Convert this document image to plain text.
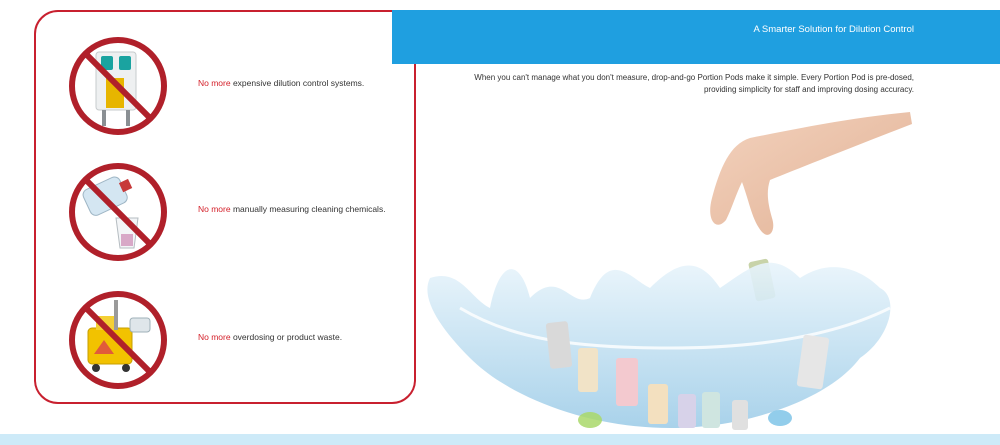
No more expensive dilution control systems.
No more manually measuring cleaning chemicals.
No more overdosing or product waste.
A Smarter Solution for Dilution Control
When you can't manage what you don't measure, drop-and-go Portion Pods make it simple. Every Portion Pod is pre-dosed,
providing simplicity for staff and improving dosing accuracy.
